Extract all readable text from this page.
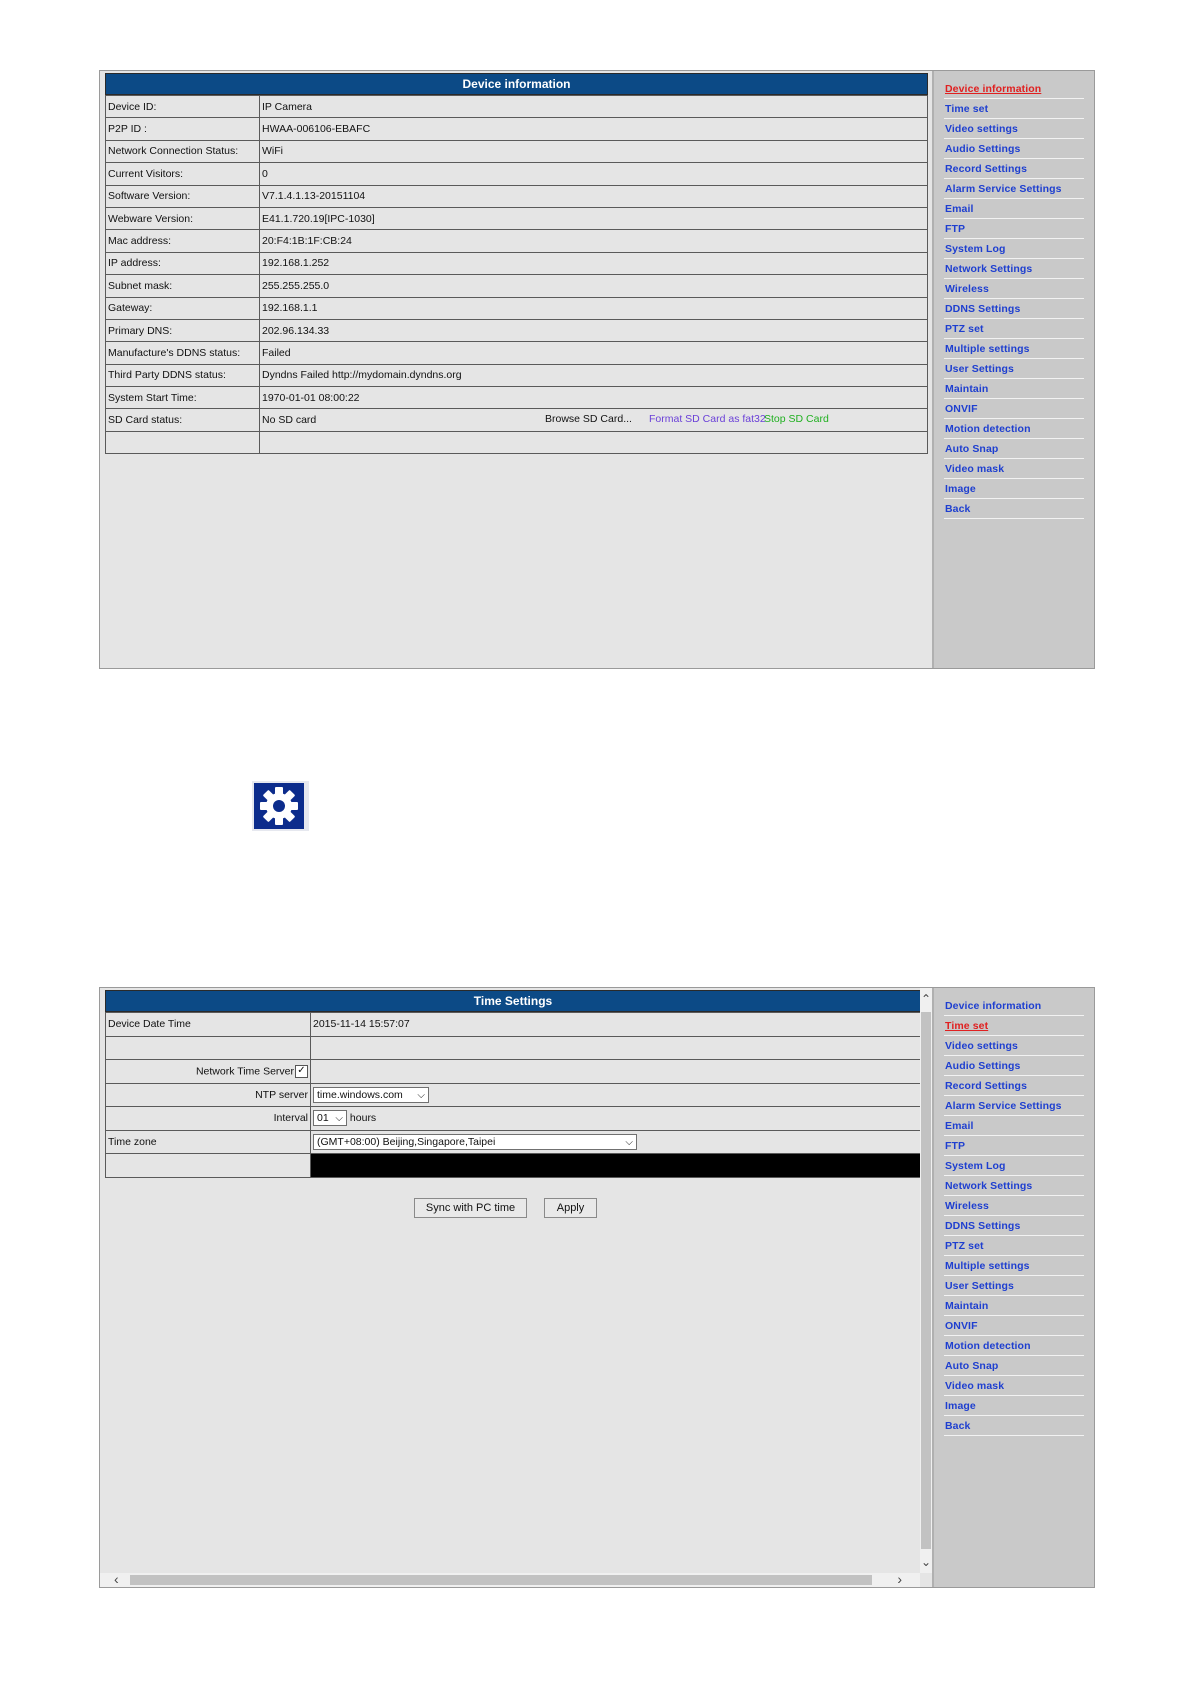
Device information
Device ID:	IP Camera
P2P ID :	HWAA-006106-EBAFC
Network Connection Status:	WiFi
Current Visitors:	0
Software Version:	V7.1.4.1.13-20151104
Webware Version:	E41.1.720.19[IPC-1030]
Mac address:	20:F4:1B:1F:CB:24
IP address:	192.168.1.252
Subnet mask:	255.255.255.0
Gateway:	192.168.1.1
Primary DNS:	202.96.134.33
Manufacture's DDNS status:	Failed
Third Party DDNS status:	Dyndns Failed http://mydomain.dyndns.org
System Start Time:	1970-01-01 08:00:22
SD Card status:	No SD card Browse SD Card... Format SD Card as fat32
Stop SD Card

Device information
Time set
Video settings
Audio Settings
Record Settings
Alarm Service Settings
Email
FTP
System Log
Network Settings
Wireless
DDNS Settings
PTZ set
Multiple settings
User Settings
Maintain
ONVIF
Motion detection
Auto Snap
Video mask
Image
Back
Time Settings
Device Date Time	2015-11-14 15:57:07

Network Time Server ✓	
NTP server	time.windows.com ⌵

Interval	01 ⌵ hours
Time zone	(GMT+08:00) Beijing,Singapore,Taipei ⌵

Sync with PC time	Apply
⌃
⌄
‹	›
Device information
Time set
Video settings
Audio Settings
Record Settings
Alarm Service Settings
Email
FTP
System Log
Network Settings
Wireless
DDNS Settings
PTZ set
Multiple settings
User Settings
Maintain
ONVIF
Motion detection
Auto Snap
Video mask
Image
Back
